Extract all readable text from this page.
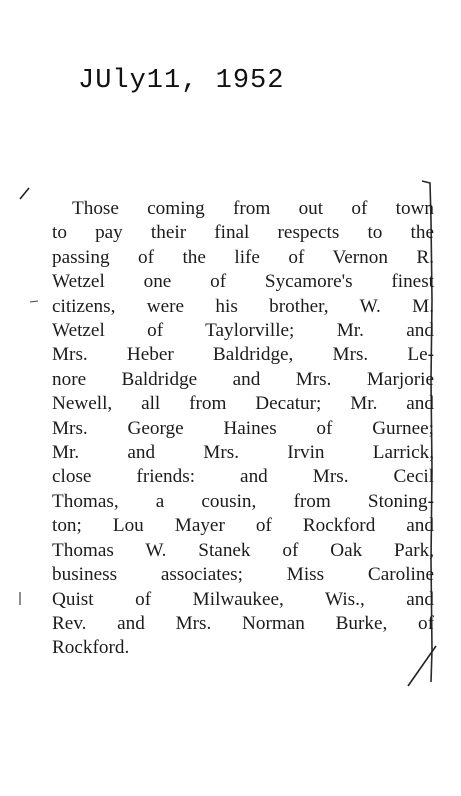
JUly11, 1952
Those coming from out of town
to pay their final respects to the
passing of the life of Vernon R.
Wetzel one of Sycamore's finest
citizens, were his brother, W. M.
Wetzel of Taylorville; Mr. and
Mrs. Heber Baldridge, Mrs. Le-
nore Baldridge and Mrs. Marjorie
Newell, all from Decatur; Mr. and
Mrs. George Haines of Gurnee;
Mr. and Mrs. Irvin Larrick,
close friends: and Mrs. Cecil
Thomas, a cousin, from Stoning-
ton; Lou Mayer of Rockford and
Thomas W. Stanek of Oak Park,
business associates; Miss Caroline
Quist of Milwaukee, Wis., and
Rev. and Mrs. Norman Burke, of
Rockford.
